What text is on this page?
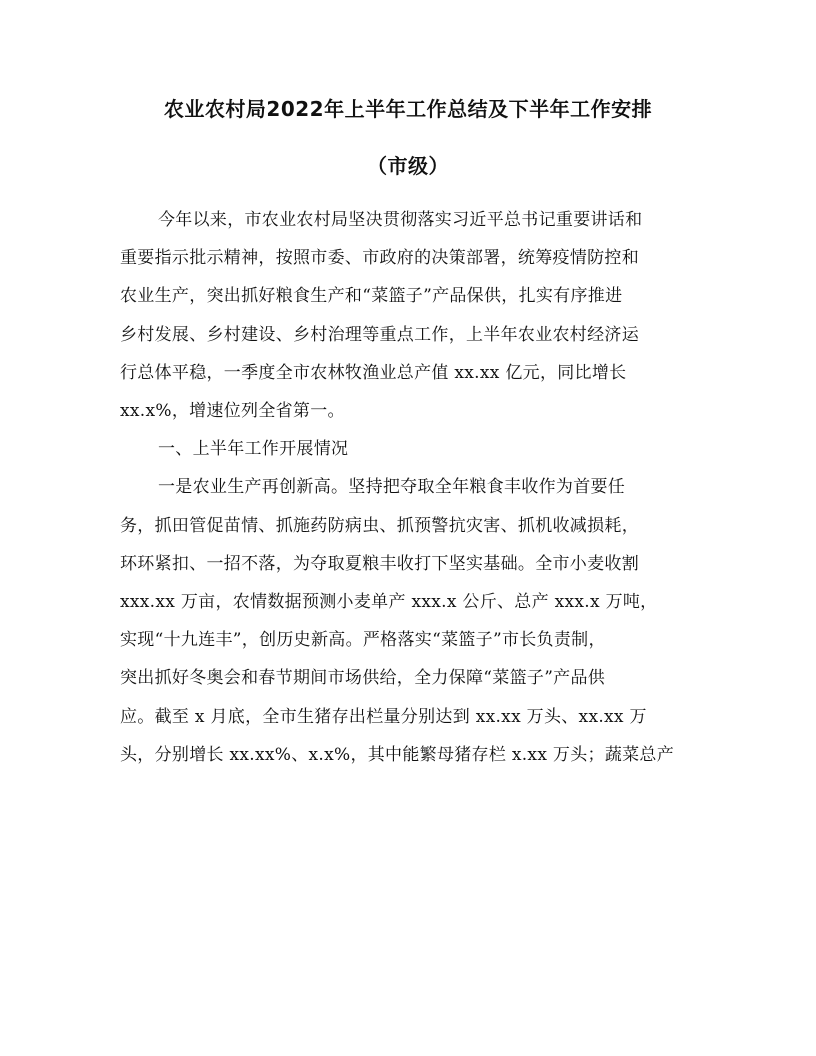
农业农村局2022年上半年工作总结及下半年工作安排
（市级）

今年以来，市农业农村局坚决贯彻落实习近平总书记重要讲话和
重要指示批示精神，按照市委、市政府的决策部署，统筹疫情防控和
农业生产，突出抓好粮食生产和“菜篮子”产品保供，扎实有序推进
乡村发展、乡村建设、乡村治理等重点工作，上半年农业农村经济运
行总体平稳，一季度全市农林牧渔业总产值 xx.xx 亿元，同比增长
xx.x%，增速位列全省第一。

一、上半年工作开展情况

一是农业生产再创新高。坚持把夺取全年粮食丰收作为首要任
务，抓田管促苗情、抓施药防病虫、抓预警抗灾害、抓机收减损耗，
环环紧扣、一招不落，为夺取夏粮丰收打下坚实基础。全市小麦收割
xxx.xx 万亩，农情数据预测小麦单产 xxx.x 公斤、总产 xxx.x 万吨，
实现“十九连丰”，创历史新高。严格落实“菜篮子”市长负责制，
突出抓好冬奥会和春节期间市场供给，全力保障“菜篮子”产品供
应。截至 x 月底，全市生猪存出栏量分别达到 xx.xx 万头、xx.xx 万
头，分别增长 xx.xx%、x.x%，其中能繁母猪存栏 x.xx 万头；蔬菜总产
